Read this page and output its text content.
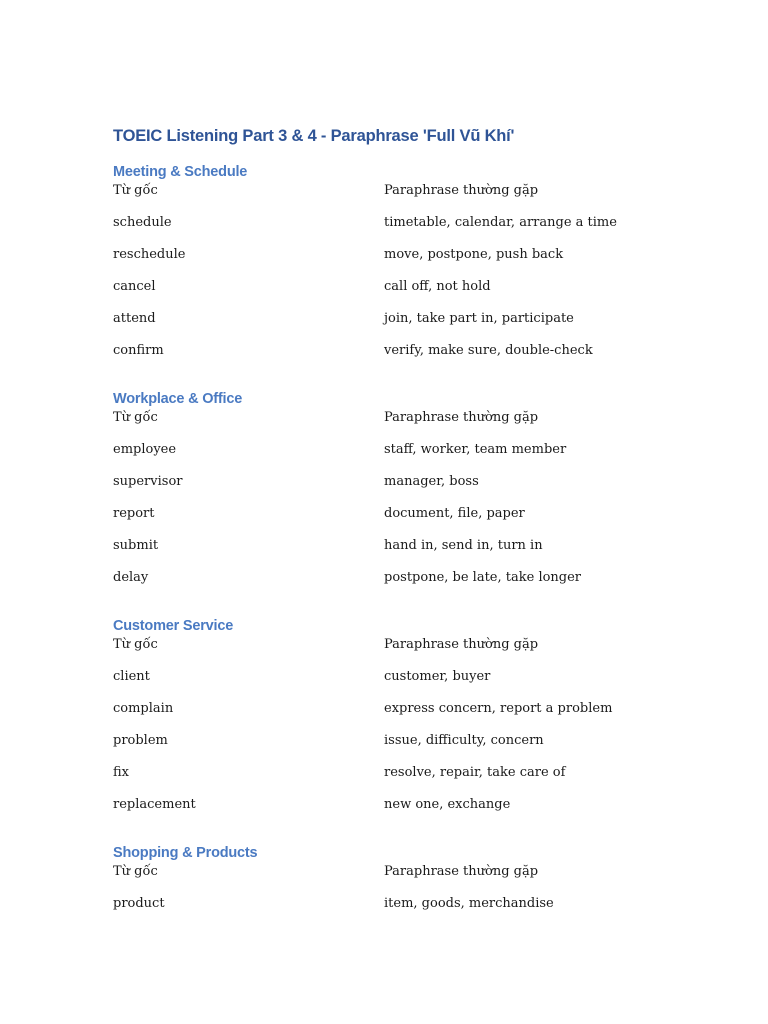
TOEIC Listening Part 3 & 4 - Paraphrase 'Full Vũ Khí'
Meeting & Schedule
Từ gốc	Paraphrase thường gặp
schedule	timetable, calendar, arrange a time
reschedule	move, postpone, push back
cancel	call off, not hold
attend	join, take part in, participate
confirm	verify, make sure, double-check
Workplace & Office
Từ gốc	Paraphrase thường gặp
employee	staff, worker, team member
supervisor	manager, boss
report	document, file, paper
submit	hand in, send in, turn in
delay	postpone, be late, take longer
Customer Service
Từ gốc	Paraphrase thường gặp
client	customer, buyer
complain	express concern, report a problem
problem	issue, difficulty, concern
fix	resolve, repair, take care of
replacement	new one, exchange
Shopping & Products
Từ gốc	Paraphrase thường gặp
product	item, goods, merchandise
